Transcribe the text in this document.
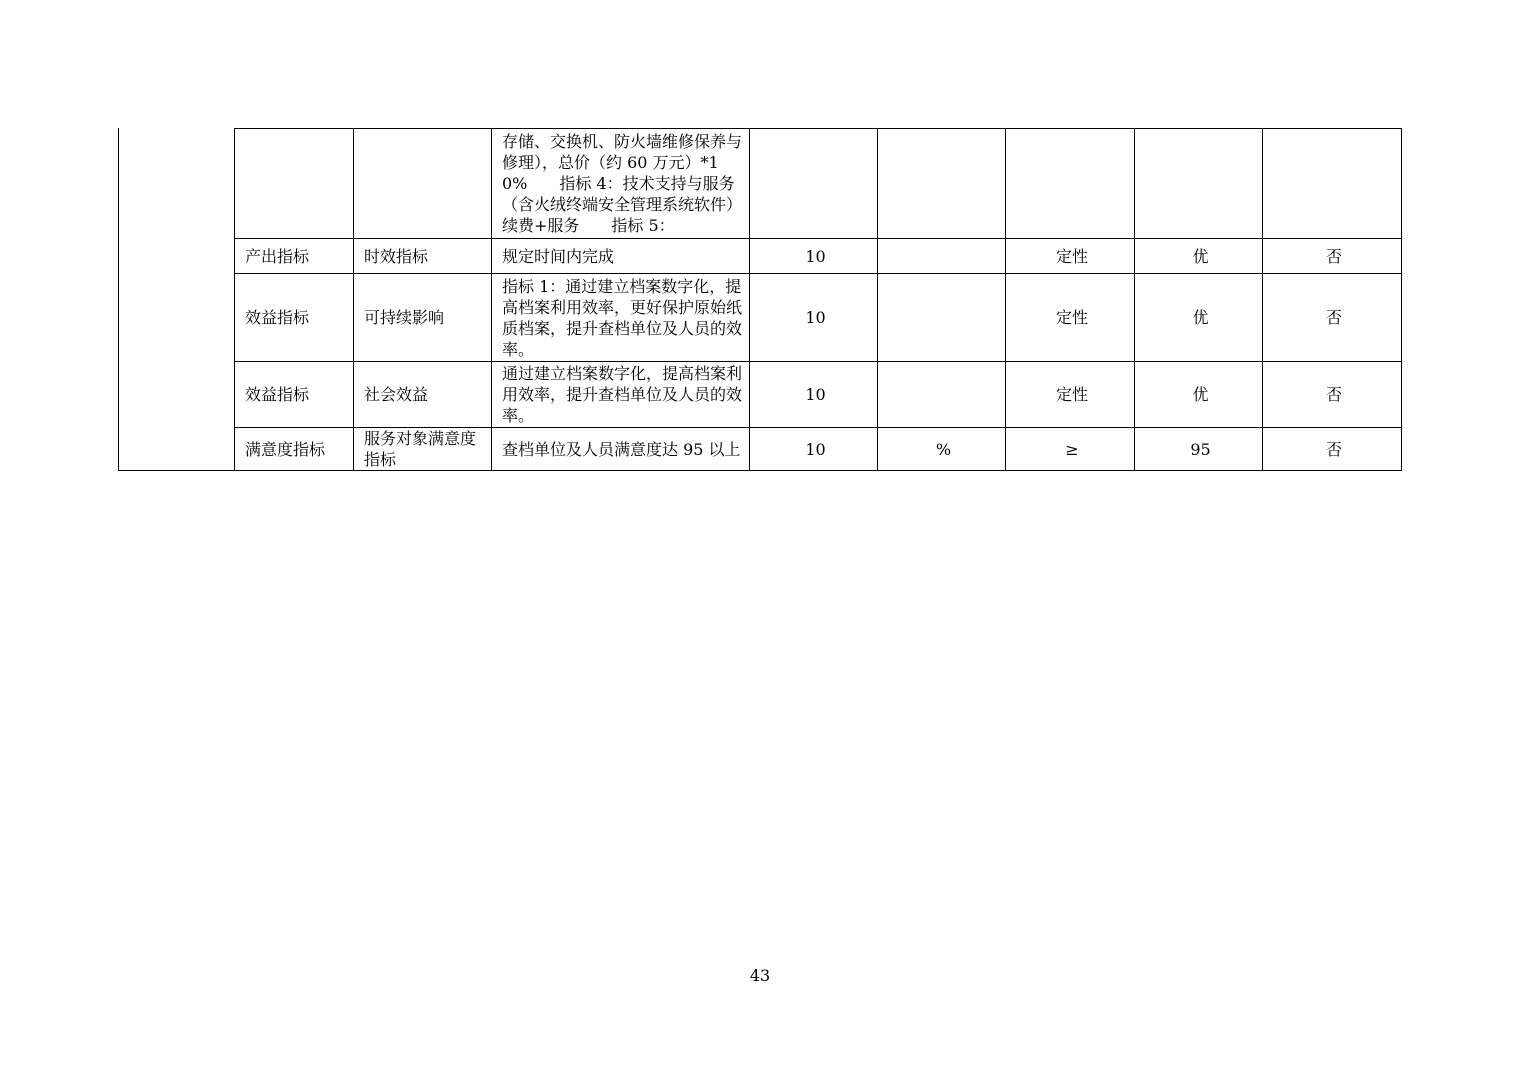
		存储、交换机、防火墙维修保养与修理），总价（约 60 万元）*10%　　指标 4：技术支持与服务（含火绒终端安全管理系统软件）续费+服务　　指标 5：					

产出指标	时效指标	规定时间内完成	10		定性	优	否

效益指标	可持续影响	指标 1：通过建立档案数字化，提高档案利用效率，更好保护原始纸质档案，提升查档单位及人员的效率。	10		定性	优	否

效益指标	社会效益	通过建立档案数字化，提高档案利用效率，提升查档单位及人员的效率。	10		定性	优	否

满意度指标	服务对象满意度指标	查档单位及人员满意度达 95 以上	10	%	≥	95	否
43
